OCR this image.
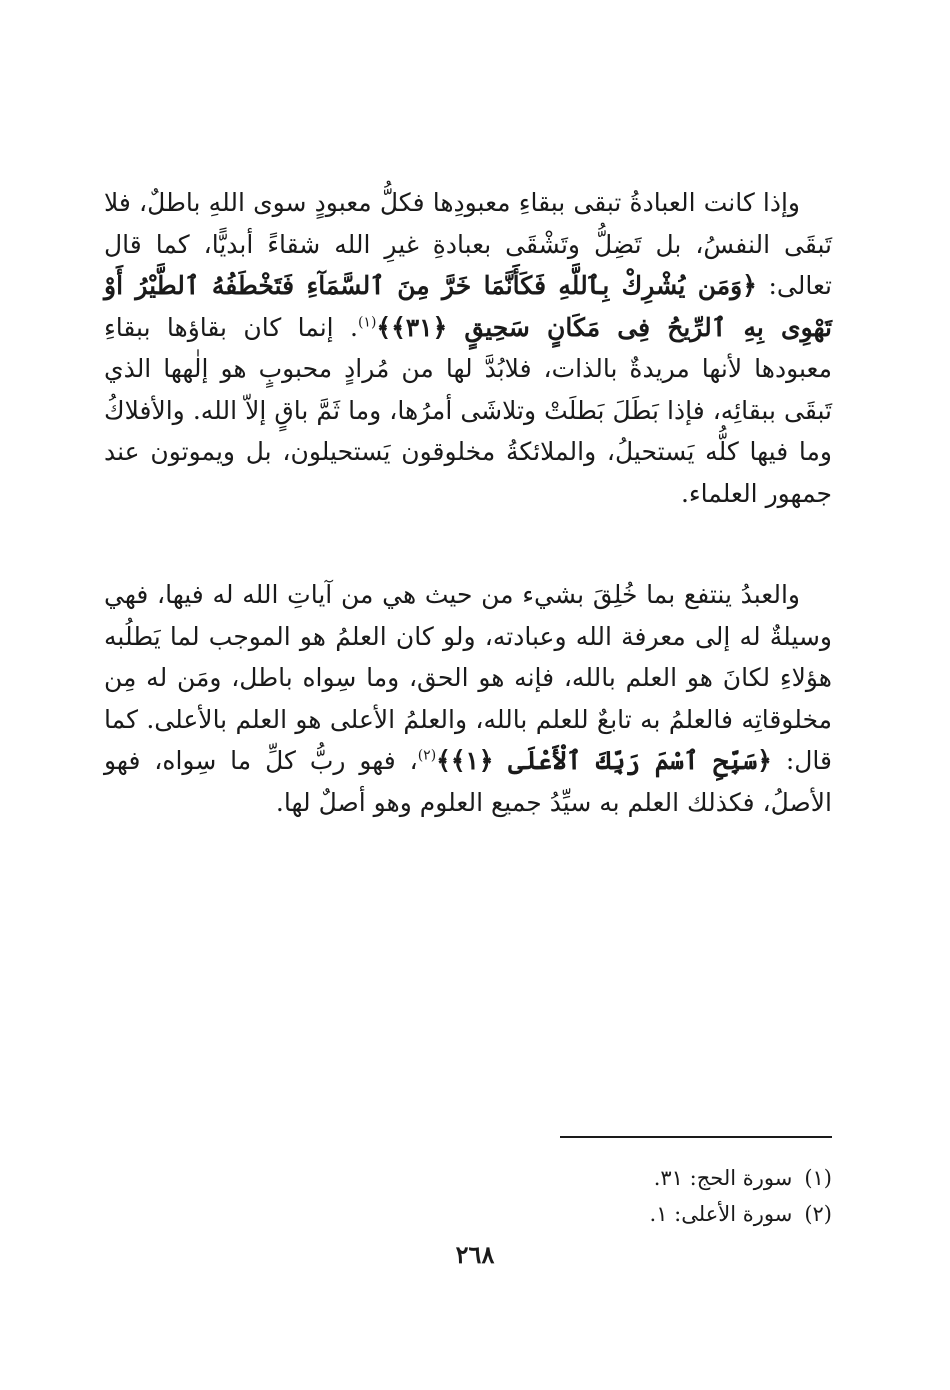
وإذا كانت العبادةُ تبقى ببقاءِ معبودِها فكلُّ معبودٍ سوى اللهِ باطلٌ، فلا تَبقَى النفسُ، بل تَضِلُّ وتَشْقَى بعبادةِ غيرِ الله شقاءً أبديًّا، كما قال تعالى: ﴿وَمَن يُشْرِكْ بِٱللَّهِ فَكَأَنَّمَا خَرَّ مِنَ ٱلسَّمَآءِ فَتَخْطَفُهُ ٱلطَّيْرُ أَوْ تَهْوِى بِهِ ٱلرِّيحُ فِى مَكَانٍ سَحِيقٍ ﴿٣١﴾﴾$^{(١)}$. إنما كان بقاؤها ببقاءِ معبودها لأنها مريدةٌ بالذات، فلابُدَّ لها من مُرادٍ محبوبٍ هو إلٰهها الذي تَبقَى ببقائِه، فإذا بَطَلَ بَطلَتْ وتلاشَى أمرُها، وما ثَمَّ باقٍ إلاّ الله. والأفلاكُ وما فيها كلُّه يَستحيلُ، والملائكةُ مخلوقون يَستحيلون، بل ويموتون عند جمهور العلماء.

والعبدُ ينتفع بما خُلِقَ بشيء من حيث هي من آياتِ الله له فيها، فهي وسيلةٌ له إلى معرفة الله وعبادته، ولو كان العلمُ هو الموجب لما يَطلُبه هؤلاءِ لكانَ هو العلم بالله، فإنه هو الحق، وما سِواه باطل، ومَن له مِن مخلوقاتِه فالعلمُ به تابعٌ للعلم بالله، والعلمُ الأعلى هو العلم بالأعلى. كما قال: ﴿سَبِّحِ ٱسْمَ رَبِّكَ ٱلْأَعْلَى ﴿١﴾﴾$^{(٢)}$، فهو ربُّ كلِّ ما سِواه، فهو الأصلُ، فكذلك العلم به سيِّدُ جميع العلوم وهو أصلٌ لها.

(١)سورة الحج: ٣١.
(٢)سورة الأعلى: ١.
٢٦٨
